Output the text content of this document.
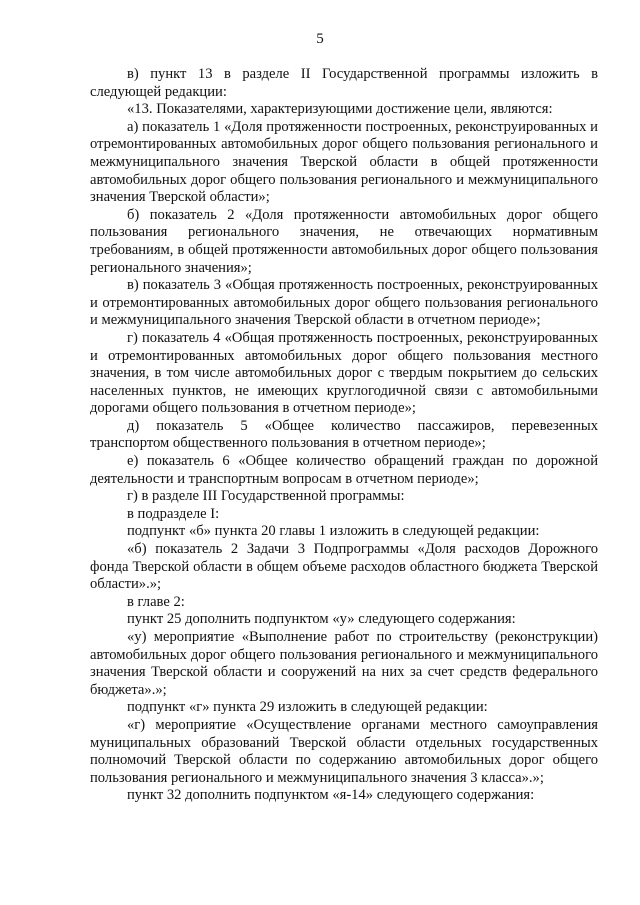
5

в) пункт 13 в разделе II Государственной программы изложить в следующей редакции:

«13. Показателями, характеризующими достижение цели, являются:

а) показатель 1 «Доля протяженности построенных, реконструированных и отремонтированных автомобильных дорог общего пользования регионального и межмуниципального значения Тверской области в общей протяженности автомобильных дорог общего пользования регионального и межмуниципального значения Тверской области»;

б) показатель 2 «Доля протяженности автомобильных дорог общего пользования регионального значения, не отвечающих нормативным требованиям, в общей протяженности автомобильных дорог общего пользования регионального значения»;

в) показатель 3 «Общая протяженность построенных, реконструированных и отремонтированных автомобильных дорог общего пользования регионального и межмуниципального значения Тверской области в отчетном периоде»;

г) показатель 4 «Общая протяженность построенных, реконструированных и отремонтированных автомобильных дорог общего пользования местного значения, в том числе автомобильных дорог с твердым покрытием до сельских населенных пунктов, не имеющих круглогодичной связи с автомобильными дорогами общего пользования в отчетном периоде»;

д) показатель 5 «Общее количество пассажиров, перевезенных транспортом общественного пользования в отчетном периоде»;

е) показатель 6 «Общее количество обращений граждан по дорожной деятельности и транспортным вопросам в отчетном периоде»;

г) в разделе III Государственной программы:

в подразделе I:

подпункт «б» пункта 20 главы 1 изложить в следующей редакции:

«б) показатель 2 Задачи 3 Подпрограммы «Доля расходов Дорожного фонда Тверской области в общем объеме расходов областного бюджета Тверской области».»;

в главе 2:

пункт 25 дополнить подпунктом «у» следующего содержания:

«у) мероприятие «Выполнение работ по строительству (реконструкции) автомобильных дорог общего пользования регионального и межмуниципального значения Тверской области и сооружений на них за счет средств федерального бюджета».»;

подпункт «г» пункта 29 изложить в следующей редакции:

«г) мероприятие «Осуществление органами местного самоуправления муниципальных образований Тверской области отдельных государственных полномочий Тверской области по содержанию автомобильных дорог общего пользования регионального и межмуниципального значения 3 класса».»;

пункт 32 дополнить подпунктом «я-14» следующего содержания:
